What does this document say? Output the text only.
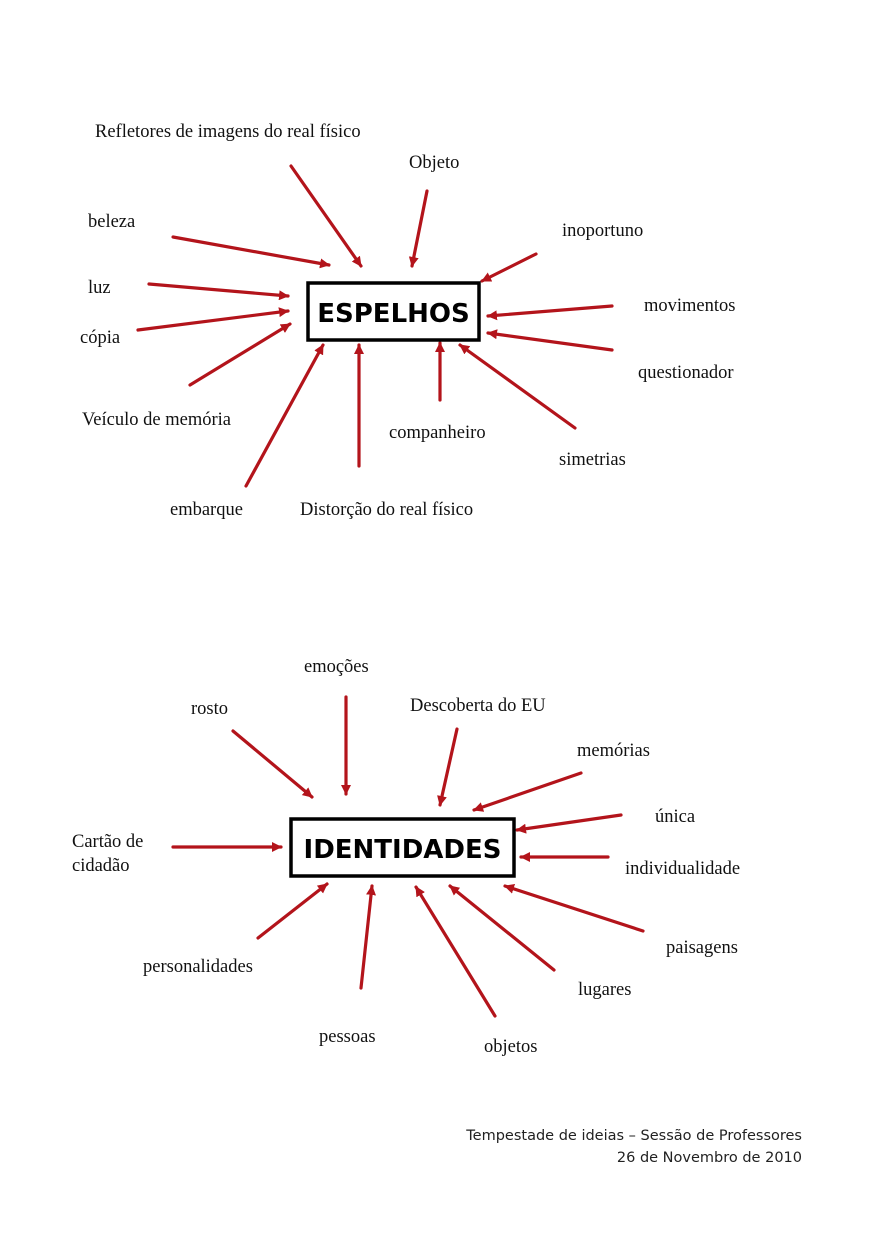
ESPELHOS
IDENTIDADES
Refletores de imagens do real físico
Objeto
beleza	inoportuno
luz
movimentos
cópia
questionador
Veículo de memória
companheiro
simetrias
embarque	Distorção do real físico
emoções
rosto	Descoberta do EU
memórias
única
Cartão de
cidadão	individualidade
paisagens
personalidades
lugares
pessoas	objetos
Tempestade de ideias – Sessão de Professores
26 de Novembro de 2010
